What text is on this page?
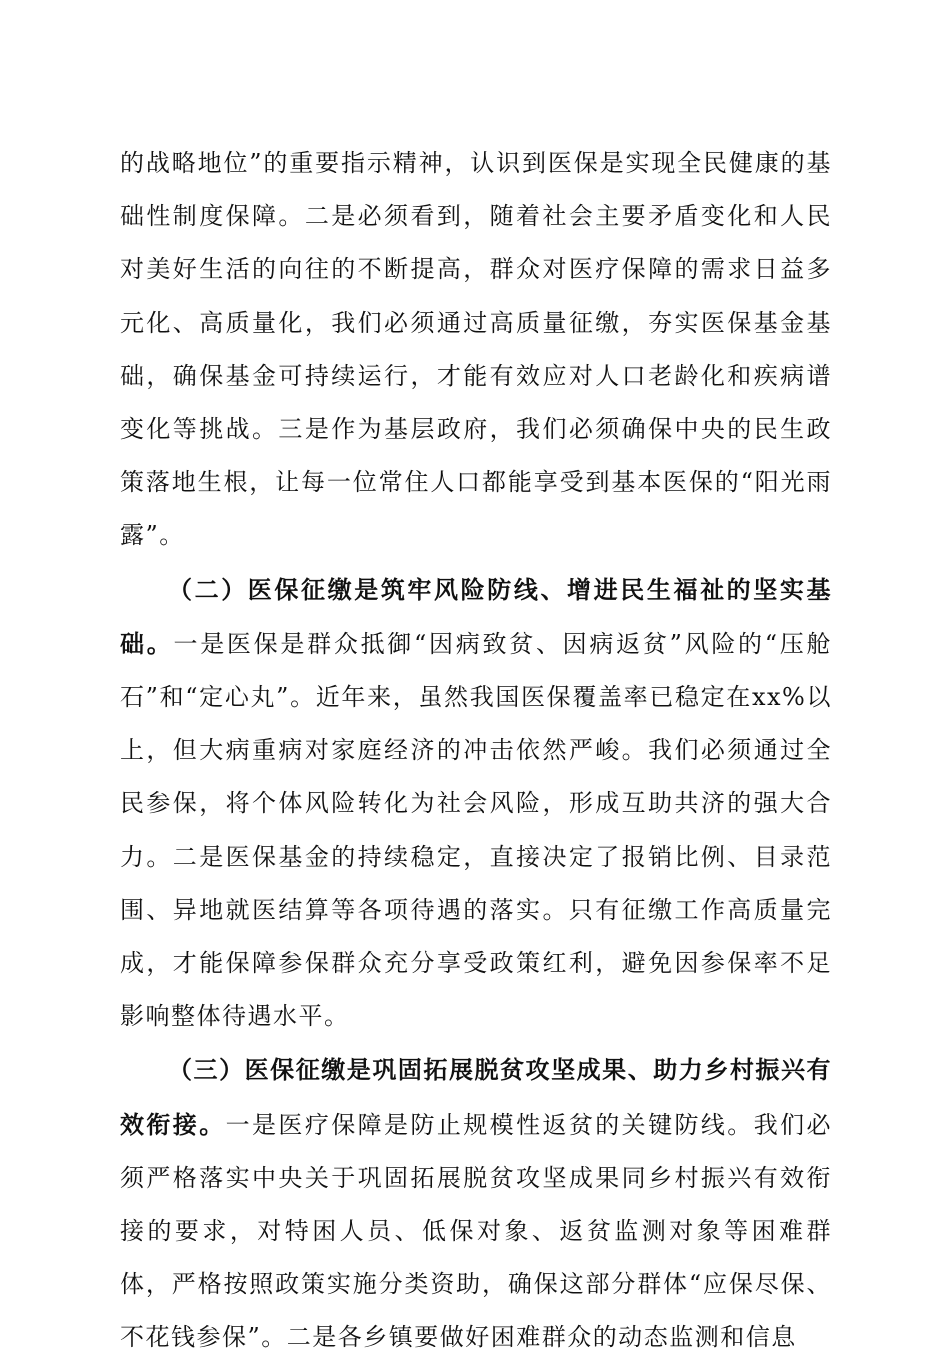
的战略地位”的重要指示精神，认识到医保是实现全民健康的基础性制度保障。二是必须看到，随着社会主要矛盾变化和人民对美好生活的向往的不断提高，群众对医疗保障的需求日益多元化、高质量化，我们必须通过高质量征缴，夯实医保基金基础，确保基金可持续运行，才能有效应对人口老龄化和疾病谱变化等挑战。三是作为基层政府，我们必须确保中央的民生政策落地生根，让每一位常住人口都能享受到基本医保的“阳光雨露”。

（二）医保征缴是筑牢风险防线、增进民生福祉的坚实基础。一是医保是群众抵御“因病致贫、因病返贫”风险的“压舱石”和“定心丸”。近年来，虽然我国医保覆盖率已稳定在xx%以上，但大病重病对家庭经济的冲击依然严峻。我们必须通过全民参保，将个体风险转化为社会风险，形成互助共济的强大合力。二是医保基金的持续稳定，直接决定了报销比例、目录范围、异地就医结算等各项待遇的落实。只有征缴工作高质量完成，才能保障参保群众充分享受政策红利，避免因参保率不足影响整体待遇水平。

（三）医保征缴是巩固拓展脱贫攻坚成果、助力乡村振兴有效衔接。一是医疗保障是防止规模性返贫的关键防线。我们必须严格落实中央关于巩固拓展脱贫攻坚成果同乡村振兴有效衔接的要求，对特困人员、低保对象、返贫监测对象等困难群体，严格按照政策实施分类资助，确保这部分群体“应保尽保、不花钱参保”。二是各乡镇要做好困难群众的动态监测和信息
